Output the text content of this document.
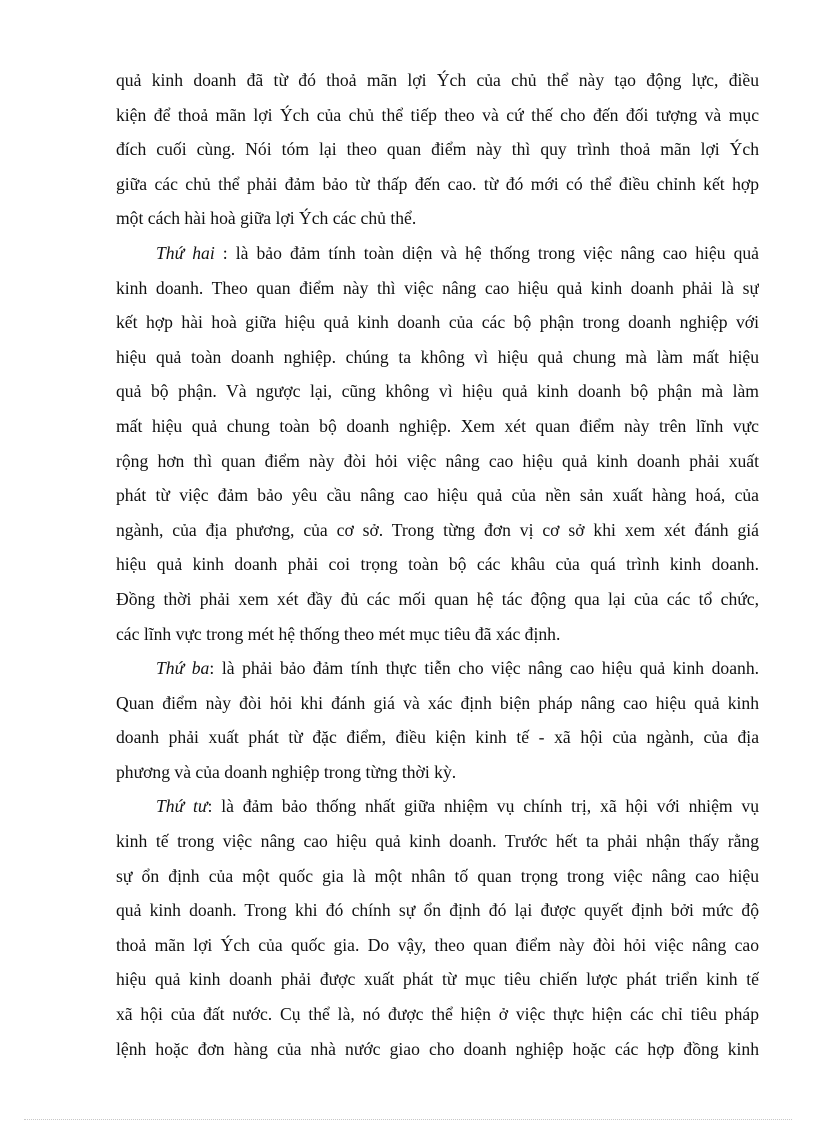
quả kinh doanh đã từ đó thoả mãn lợi Ých của chủ thể này tạo động lực, điều
kiện để thoả mãn lợi Ých của chủ thể tiếp theo và cứ thế cho đến đối tượng và mục
đích cuối cùng. Nói tóm lại theo quan điểm này thì quy trình thoả mãn lợi Ých
giữa các chủ thể phải đảm bảo từ thấp đến cao. từ đó mới có thể điều chỉnh kết hợp
một cách hài hoà giữa lợi Ých các chủ thể.
Thứ hai : là bảo đảm tính toàn diện và hệ thống trong việc nâng cao hiệu quả
kinh doanh. Theo quan điểm này thì việc nâng cao hiệu quả kinh doanh phải là sự
kết hợp hài hoà giữa hiệu quả kinh doanh của các bộ phận trong doanh nghiệp với
hiệu quả toàn doanh nghiệp. chúng ta không vì hiệu quả chung mà làm mất hiệu
quả bộ phận. Và ngược lại, cũng không vì hiệu quả kinh doanh bộ phận mà làm
mất hiệu quả chung toàn bộ doanh nghiệp. Xem xét quan điểm này trên lĩnh vực
rộng hơn thì quan điểm này đòi hỏi việc nâng cao hiệu quả kinh doanh phải xuất
phát từ việc đảm bảo yêu cầu nâng cao hiệu quả của nền sản xuất hàng hoá, của
ngành, của địa phương, của cơ sở. Trong từng đơn vị cơ sở khi xem xét đánh giá
hiệu quả kinh doanh phải coi trọng toàn bộ các khâu của quá trình kinh doanh.
Đồng thời phải xem xét đầy đủ các mối quan hệ tác động qua lại của các tổ chức,
các lĩnh vực trong mét hệ thống theo mét mục tiêu đã xác định.
Thứ ba: là phải bảo đảm tính thực tiễn cho việc nâng cao hiệu quả kinh doanh.
Quan điểm này đòi hỏi khi đánh giá và xác định biện pháp nâng cao hiệu quả kinh
doanh phải xuất phát từ đặc điểm, điều kiện kinh tế - xã hội của ngành, của địa
phương và của doanh nghiệp trong từng thời kỳ.
Thứ tư: là đảm bảo thống nhất giữa nhiệm vụ chính trị, xã hội với nhiệm vụ
kinh tế trong việc nâng cao hiệu quả kinh doanh. Trước hết ta phải nhận thấy rằng
sự ổn định của một quốc gia là một nhân tố quan trọng trong việc nâng cao hiệu
quả kinh doanh. Trong khi đó chính sự ổn định đó lại được quyết định bởi mức độ
thoả mãn lợi Ých của quốc gia. Do vậy, theo quan điểm này đòi hỏi việc nâng cao
hiệu quả kinh doanh phải được xuất phát từ mục tiêu chiến lược phát triển kinh tế
xã hội của đất nước. Cụ thể là, nó được thể hiện ở việc thực hiện các chỉ tiêu pháp
lệnh hoặc đơn hàng của nhà nước giao cho doanh nghiệp hoặc các hợp đồng kinh
